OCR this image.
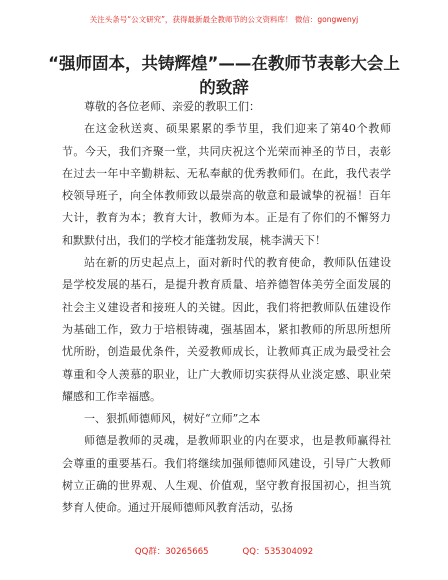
关注头条号“公文研究”，获得最新最全教师节的公文资料库！ 微信：gongwenyj
“强师固本，共铸辉煌”——在教师节表彰大会上的致辞

尊敬的各位老师、亲爱的教职工们：

在这金秋送爽、硕果累累的季节里，我们迎来了第40个教师节。今天，我们齐聚一堂，共同庆祝这个光荣而神圣的节日，表彰在过去一年中辛勤耕耘、无私奉献的优秀教师们。在此，我代表学校领导班子，向全体教师致以最崇高的敬意和最诚挚的祝福！百年大计，教育为本；教育大计，教师为本。正是有了你们的不懈努力和默默付出，我们的学校才能蓬勃发展，桃李满天下！

站在新的历史起点上，面对新时代的教育使命，教师队伍建设是学校发展的基石，是提升教育质量、培养德智体美劳全面发展的社会主义建设者和接班人的关键。因此，我们将把教师队伍建设作为基础工作，致力于培根铸魂，强基固本，紧扣教师的所思所想所忧所盼，创造最优条件，关爱教师成长，让教师真正成为最受社会尊重和令人羡慕的职业，让广大教师切实获得从业淡定感、职业荣耀感和工作幸福感。

一、狠抓师德师风，树好“立师”之本

师德是教师的灵魂，是教师职业的内在要求，也是教师赢得社会尊重的重要基石。我们将继续加强师德师风建设，引导广大教师树立正确的世界观、人生观、价值观，坚守教育报国初心，担当筑梦育人使命。通过开展师德师风教育活动，弘扬

QQ群：30265665	QQ：535304092
